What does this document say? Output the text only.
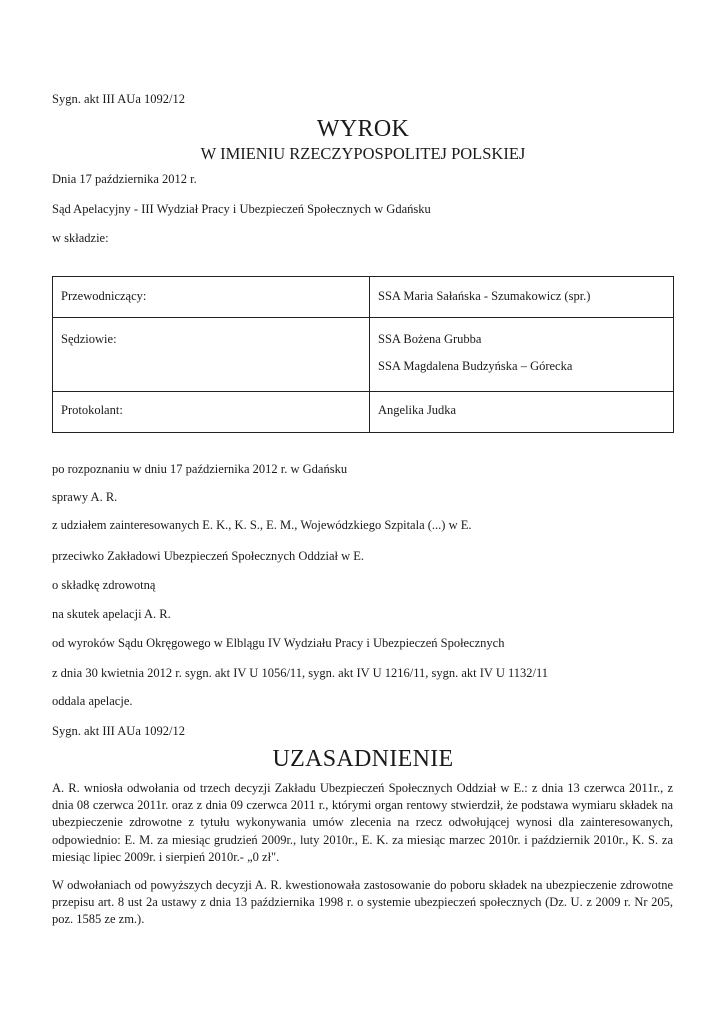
Sygn. akt III AUa 1092/12
WYROK
W IMIENIU RZECZYPOSPOLITEJ POLSKIEJ
Dnia 17 października 2012 r.
Sąd Apelacyjny - III Wydział Pracy i Ubezpieczeń Społecznych w Gdańsku
w składzie:
Przewodniczący:	SSA Maria Sałańska - Szumakowicz (spr.)
Sędziowie:	SSA Bożena Grubba
SSA Magdalena Budzyńska – Górecka

Protokolant:	Angelika Judka
po rozpoznaniu w dniu 17 października 2012 r. w Gdańsku
sprawy A. R.
z udziałem zainteresowanych E. K., K. S., E. M., Wojewódzkiego Szpitala (...) w E.
przeciwko Zakładowi Ubezpieczeń Społecznych Oddział w E.
o składkę zdrowotną
na skutek apelacji A. R.
od wyroków Sądu Okręgowego w Elblągu IV Wydziału Pracy i Ubezpieczeń Społecznych
z dnia 30 kwietnia 2012 r. sygn. akt IV U 1056/11, sygn. akt IV U 1216/11, sygn. akt IV U 1132/11
oddala apelacje.
Sygn. akt III AUa 1092/12
UZASADNIENIE
A. R. wniosła odwołania od trzech decyzji Zakładu Ubezpieczeń Społecznych Oddział w E.: z dnia 13 czerwca 2011r., z dnia 08 czerwca 2011r. oraz z dnia 09 czerwca 2011 r., którymi organ rentowy stwierdził, że podstawa wymiaru składek na ubezpieczenie zdrowotne z tytułu wykonywania umów zlecenia na rzecz odwołującej wynosi dla zainteresowanych, odpowiednio: E. M. za miesiąc grudzień 2009r., luty 2010r., E. K. za miesiąc marzec 2010r. i październik 2010r., K. S. za miesiąc lipiec 2009r. i sierpień 2010r.- „0 zł".
W odwołaniach od powyższych decyzji A. R. kwestionowała zastosowanie do poboru składek na ubezpieczenie zdrowotne przepisu art. 8 ust 2a ustawy z dnia 13 października 1998 r. o systemie ubezpieczeń społecznych (Dz. U. z 2009 r. Nr 205, poz. 1585 ze zm.).
